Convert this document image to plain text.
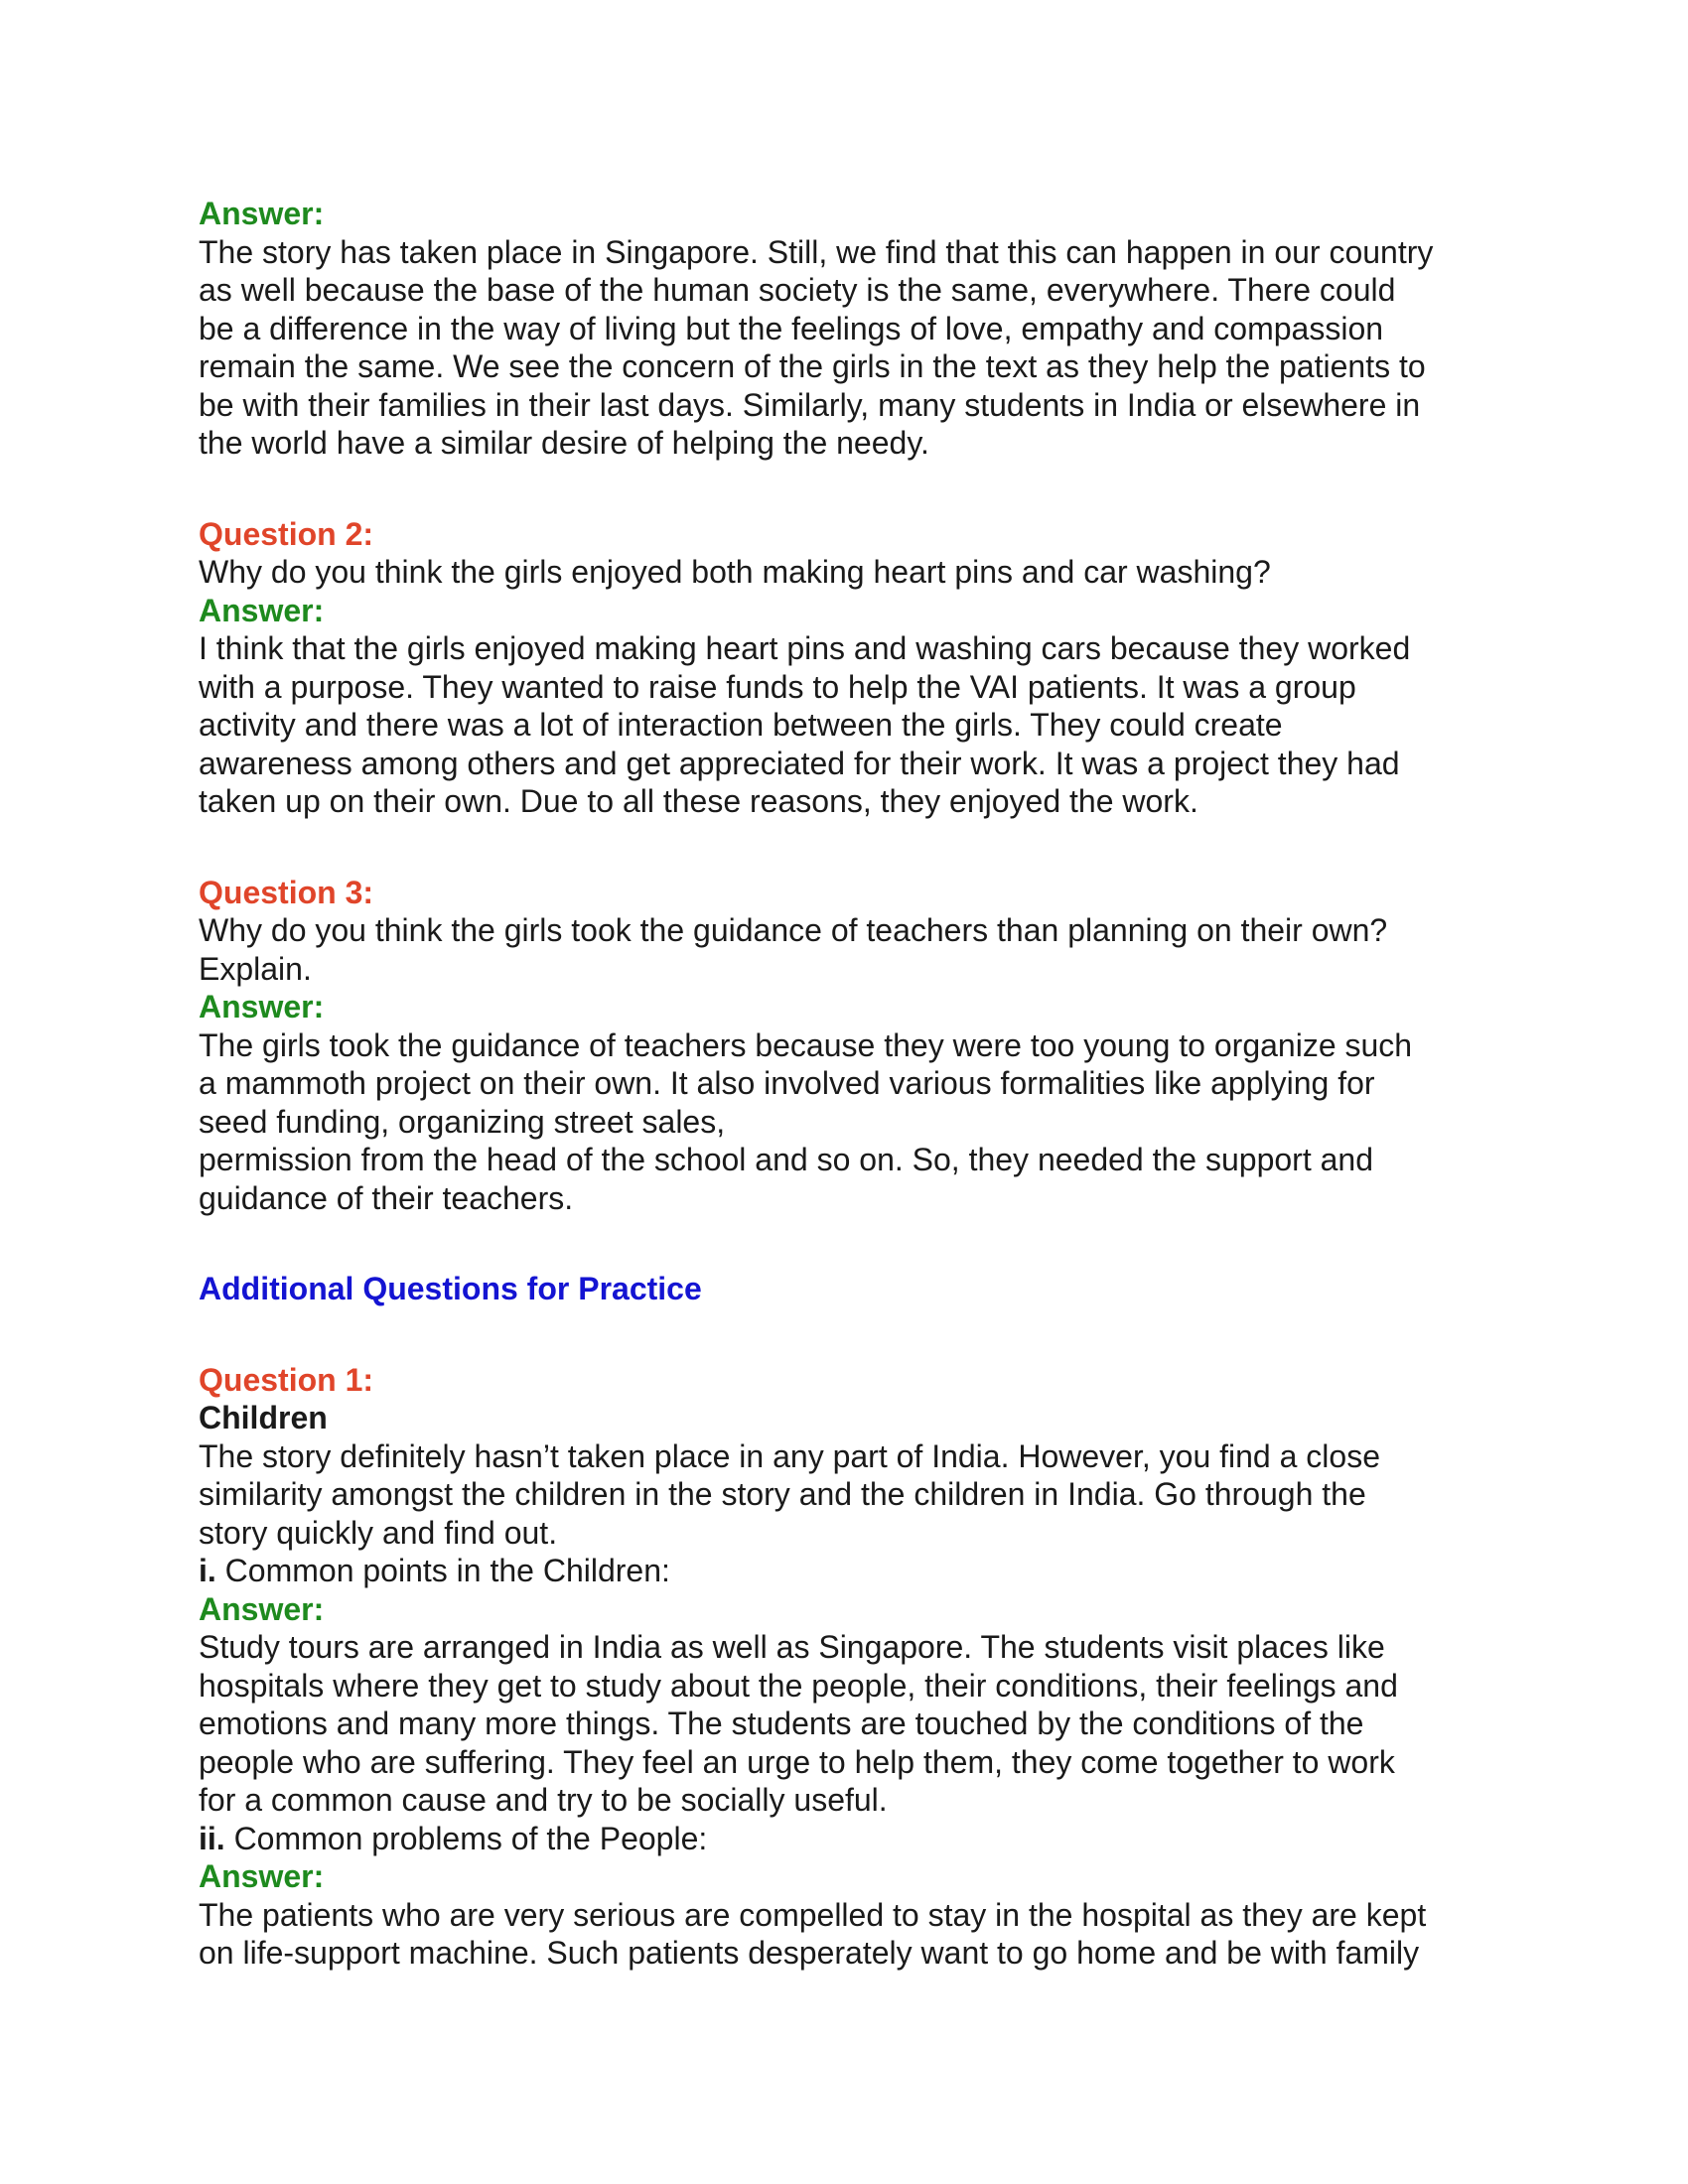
Answer:
The story has taken place in Singapore. Still, we find that this can happen in our country
as well because the base of the human society is the same, everywhere. There could
be a difference in the way of living but the feelings of love, empathy and compassion
remain the same. We see the concern of the girls in the text as they help the patients to
be with their families in their last days. Similarly, many students in India or elsewhere in
the world have a similar desire of helping the needy.
Question 2:
Why do you think the girls enjoyed both making heart pins and car washing?
Answer:
I think that the girls enjoyed making heart pins and washing cars because they worked
with a purpose. They wanted to raise funds to help the VAI patients. It was a group
activity and there was a lot of interaction between the girls. They could create
awareness among others and get appreciated for their work. It was a project they had
taken up on their own. Due to all these reasons, they enjoyed the work.
Question 3:
Why do you think the girls took the guidance of teachers than planning on their own?
Explain.
Answer:
The girls took the guidance of teachers because they were too young to organize such
a mammoth project on their own. It also involved various formalities like applying for
seed funding, organizing street sales,
permission from the head of the school and so on. So, they needed the support and
guidance of their teachers.
Additional Questions for Practice
Question 1:
Children
The story definitely hasn’t taken place in any part of India. However, you find a close
similarity amongst the children in the story and the children in India. Go through the
story quickly and find out.
i. Common points in the Children:
Answer:
Study tours are arranged in India as well as Singapore. The students visit places like
hospitals where they get to study about the people, their conditions, their feelings and
emotions and many more things. The students are touched by the conditions of the
people who are suffering. They feel an urge to help them, they come together to work
for a common cause and try to be socially useful.
ii. Common problems of the People:
Answer:
The patients who are very serious are compelled to stay in the hospital as they are kept
on life-support machine. Such patients desperately want to go home and be with family
